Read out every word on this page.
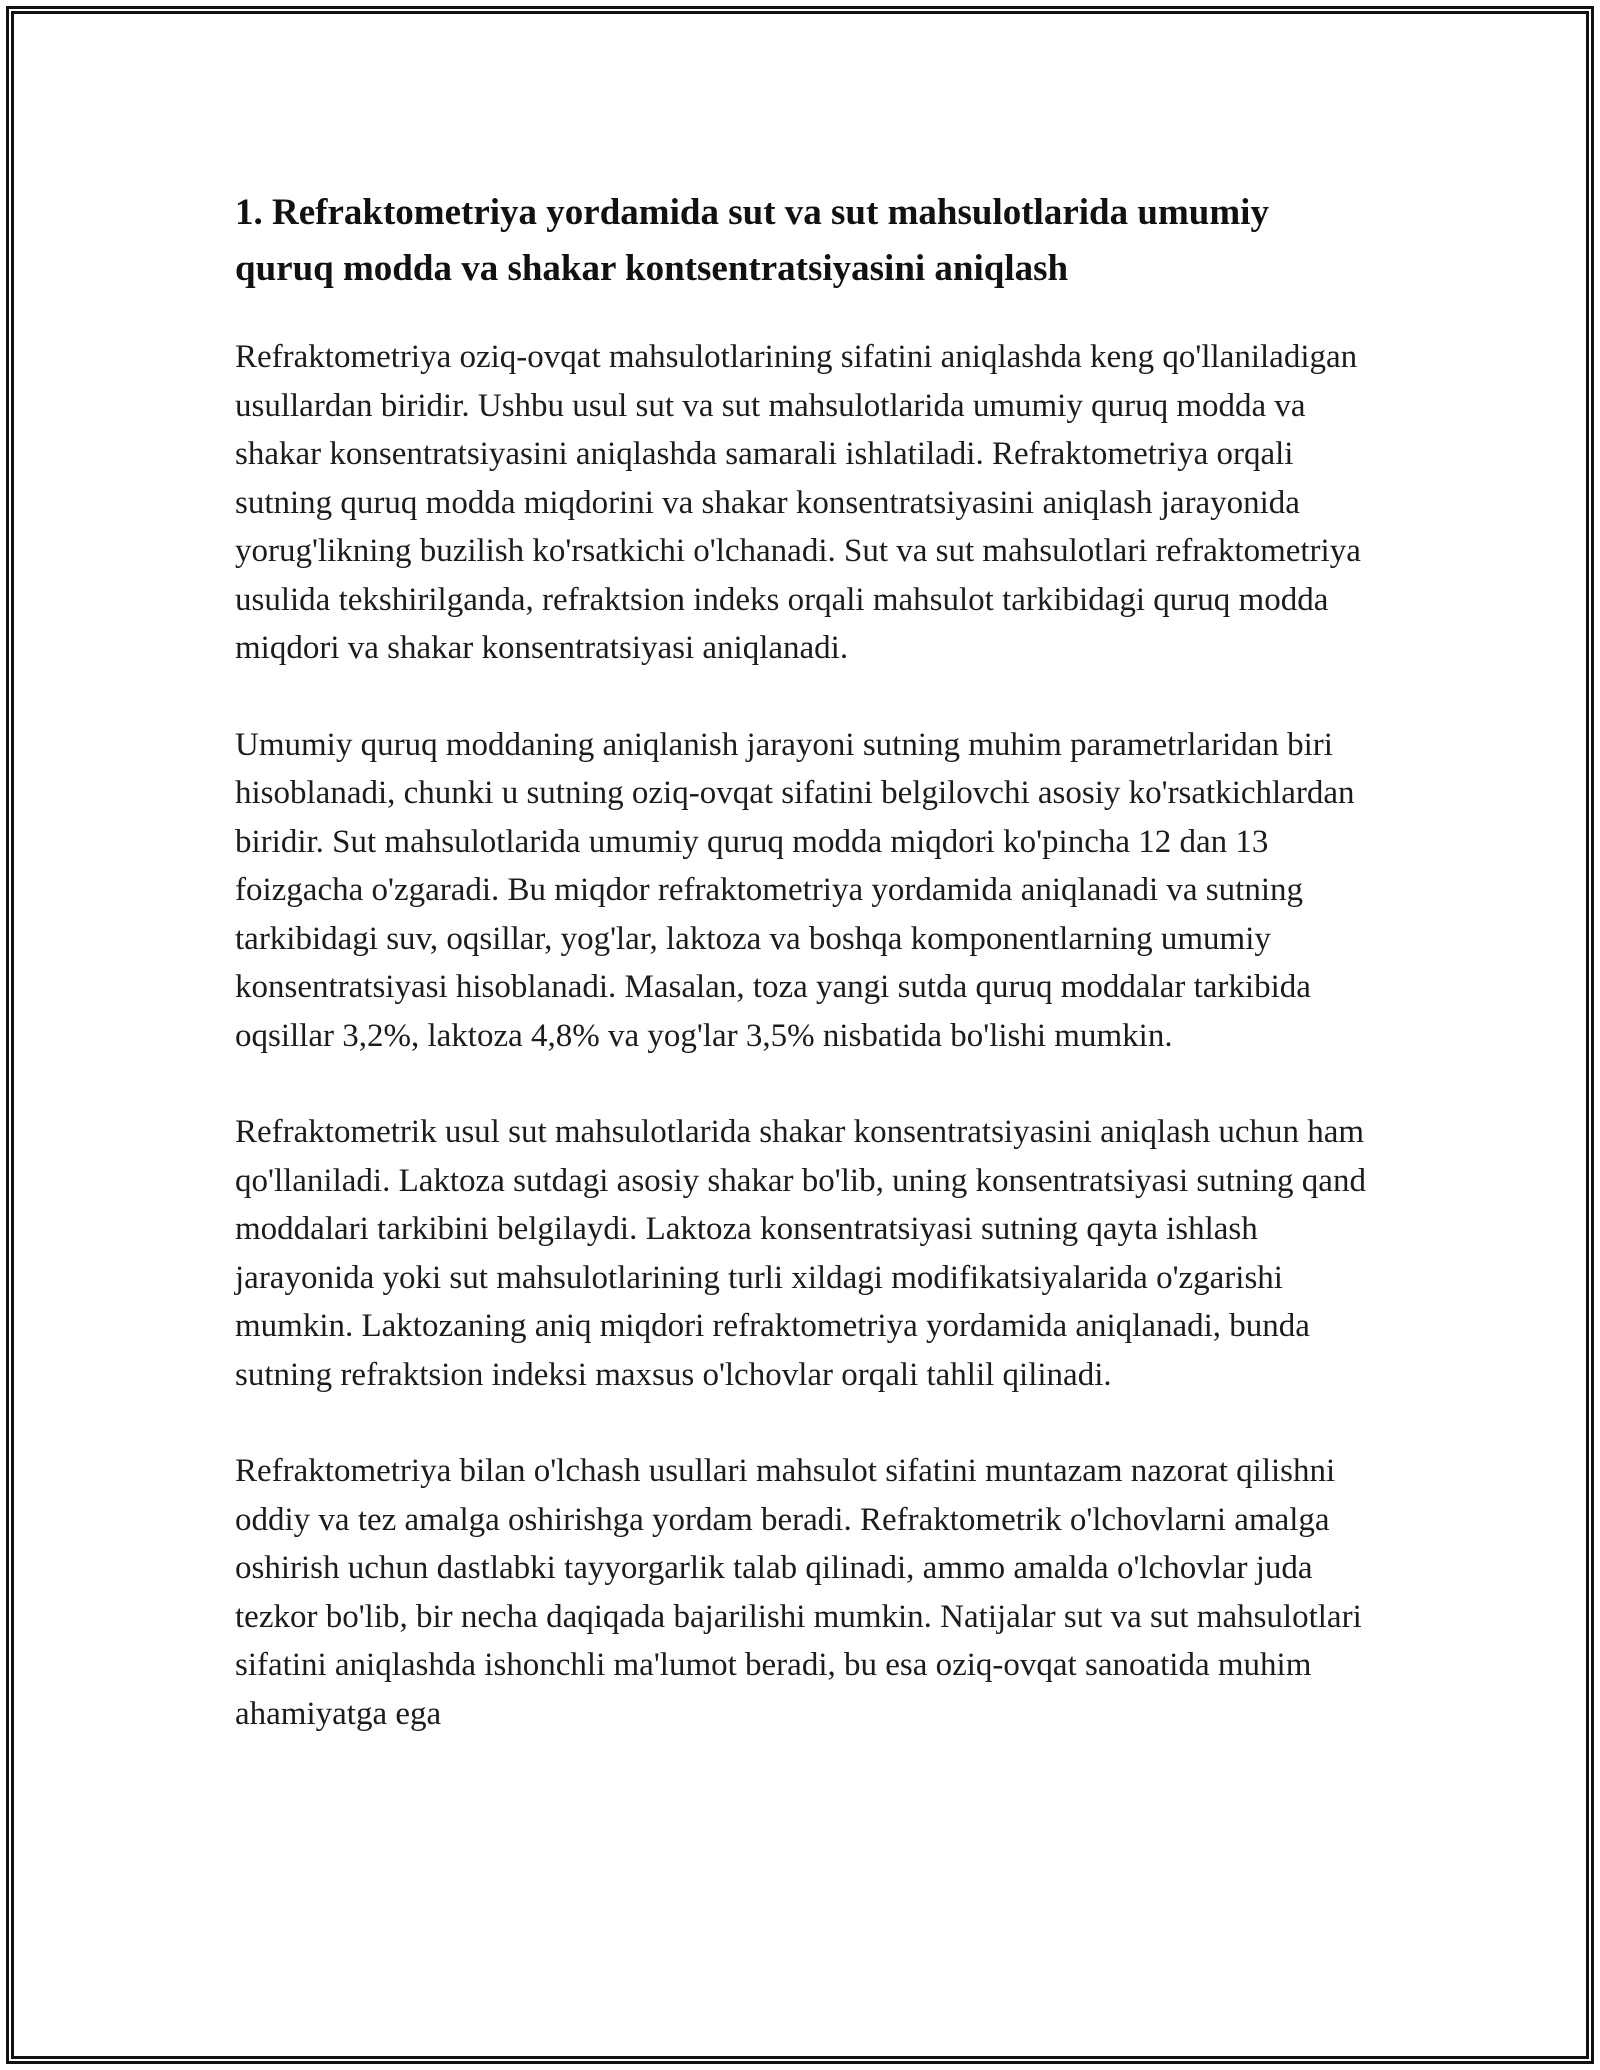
1. Refraktometriya yordamida sut va sut mahsulotlarida umumiy quruq modda va shakar kontsentratsiyasini aniqlash

Refraktometriya oziq-ovqat mahsulotlarining sifatini aniqlashda keng qo'llaniladigan usullardan biridir. Ushbu usul sut va sut mahsulotlarida umumiy quruq modda va shakar konsentratsiyasini aniqlashda samarali ishlatiladi. Refraktometriya orqali sutning quruq modda miqdorini va shakar konsentratsiyasini aniqlash jarayonida yorug'likning buzilish ko'rsatkichi o'lchanadi. Sut va sut mahsulotlari refraktometriya usulida tekshirilganda, refraktsion indeks orqali mahsulot tarkibidagi quruq modda miqdori va shakar konsentratsiyasi aniqlanadi.

Umumiy quruq moddaning aniqlanish jarayoni sutning muhim parametrlaridan biri hisoblanadi, chunki u sutning oziq-ovqat sifatini belgilovchi asosiy ko'rsatkichlardan biridir. Sut mahsulotlarida umumiy quruq modda miqdori ko'pincha 12 dan 13 foizgacha o'zgaradi. Bu miqdor refraktometriya yordamida aniqlanadi va sutning tarkibidagi suv, oqsillar, yog'lar, laktoza va boshqa komponentlarning umumiy konsentratsiyasi hisoblanadi. Masalan, toza yangi sutda quruq moddalar tarkibida oqsillar 3,2%, laktoza 4,8% va yog'lar 3,5% nisbatida bo'lishi mumkin.

Refraktometrik usul sut mahsulotlarida shakar konsentratsiyasini aniqlash uchun ham qo'llaniladi. Laktoza sutdagi asosiy shakar bo'lib, uning konsentratsiyasi sutning qand moddalari tarkibini belgilaydi. Laktoza konsentratsiyasi sutning qayta ishlash jarayonida yoki sut mahsulotlarining turli xildagi modifikatsiyalarida o'zgarishi mumkin. Laktozaning aniq miqdori refraktometriya yordamida aniqlanadi, bunda sutning refraktsion indeksi maxsus o'lchovlar orqali tahlil qilinadi.

Refraktometriya bilan o'lchash usullari mahsulot sifatini muntazam nazorat qilishni oddiy va tez amalga oshirishga yordam beradi. Refraktometrik o'lchovlarni amalga oshirish uchun dastlabki tayyorgarlik talab qilinadi, ammo amalda o'lchovlar juda tezkor bo'lib, bir necha daqiqada bajarilishi mumkin. Natijalar sut va sut mahsulotlari sifatini aniqlashda ishonchli ma'lumot beradi, bu esa oziq-ovqat sanoatida muhim ahamiyatga ega
